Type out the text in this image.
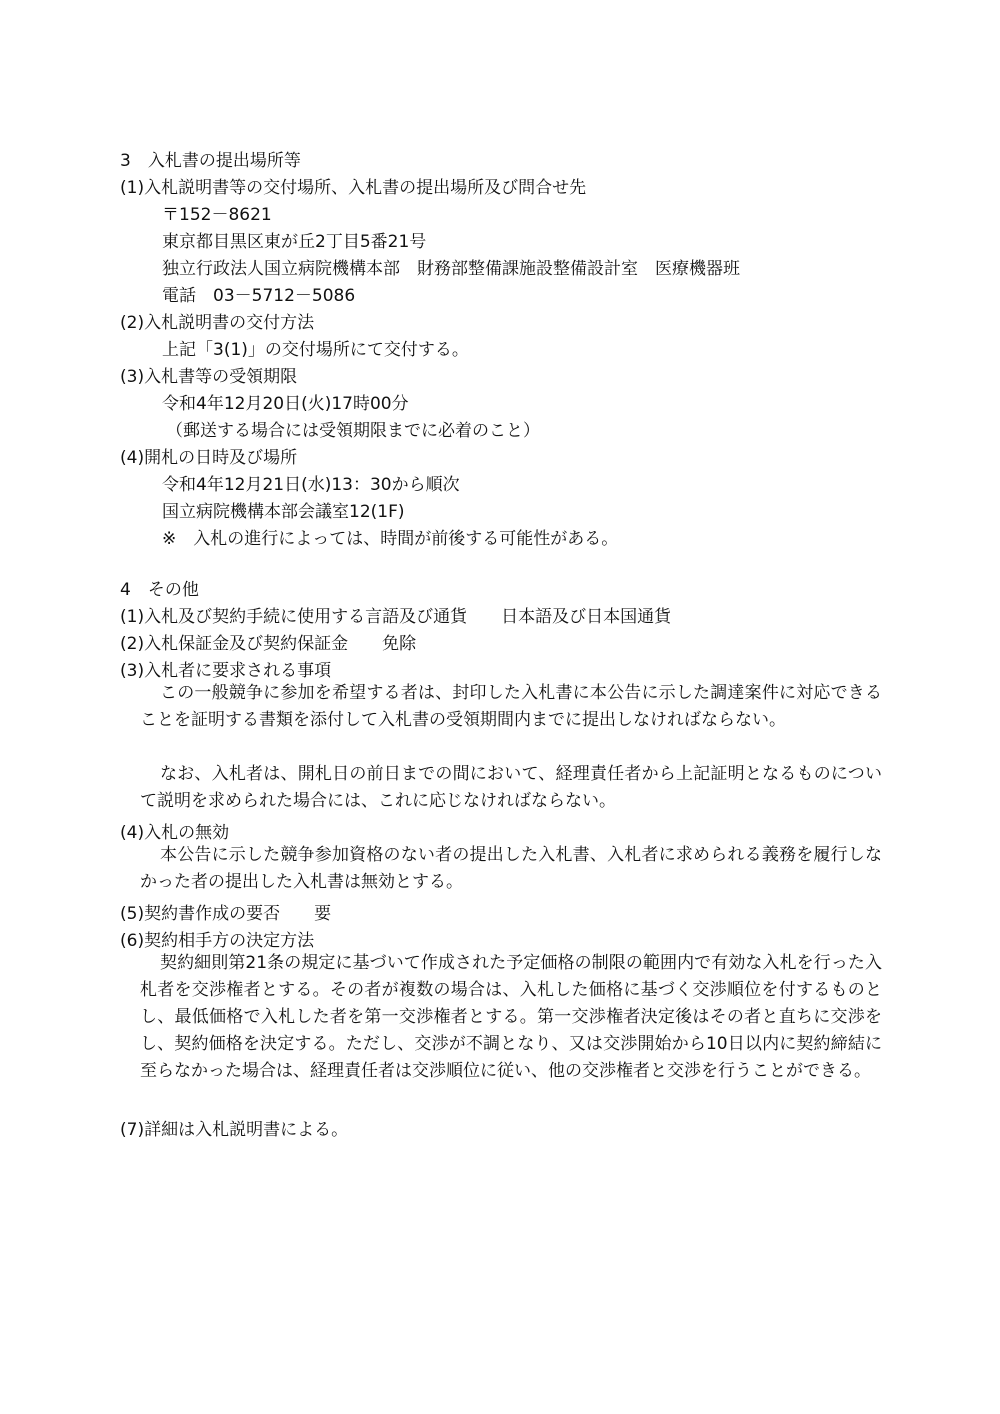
3　入札書の提出場所等
(1)入札説明書等の交付場所、入札書の提出場所及び問合せ先
〒152－8621
東京都目黒区東が丘2丁目5番21号
独立行政法人国立病院機構本部　財務部整備課施設整備設計室　医療機器班
電話　03－5712－5086
(2)入札説明書の交付方法
上記「3(1)」の交付場所にて交付する。
(3)入札書等の受領期限
令和4年12月20日(火)17時00分
（郵送する場合には受領期限までに必着のこと）
(4)開札の日時及び場所
令和4年12月21日(水)13：30から順次
国立病院機構本部会議室12(1F)
※　入札の進行によっては、時間が前後する可能性がある。
4　その他
(1)入札及び契約手続に使用する言語及び通貨　　日本語及び日本国通貨
(2)入札保証金及び契約保証金　　免除
(3)入札者に要求される事項
この一般競争に参加を希望する者は、封印した入札書に本公告に示した調達案件に対応できることを証明する書類を添付して入札書の受領期間内までに提出しなければならない。
なお、入札者は、開札日の前日までの間において、経理責任者から上記証明となるものについて説明を求められた場合には、これに応じなければならない。
(4)入札の無効
本公告に示した競争参加資格のない者の提出した入札書、入札者に求められる義務を履行しなかった者の提出した入札書は無効とする。
(5)契約書作成の要否　　要
(6)契約相手方の決定方法
契約細則第21条の規定に基づいて作成された予定価格の制限の範囲内で有効な入札を行った入札者を交渉権者とする。その者が複数の場合は、入札した価格に基づく交渉順位を付するものとし、最低価格で入札した者を第一交渉権者とする。第一交渉権者決定後はその者と直ちに交渉をし、契約価格を決定する。ただし、交渉が不調となり、又は交渉開始から10日以内に契約締結に至らなかった場合は、経理責任者は交渉順位に従い、他の交渉権者と交渉を行うことができる。
(7)詳細は入札説明書による。
